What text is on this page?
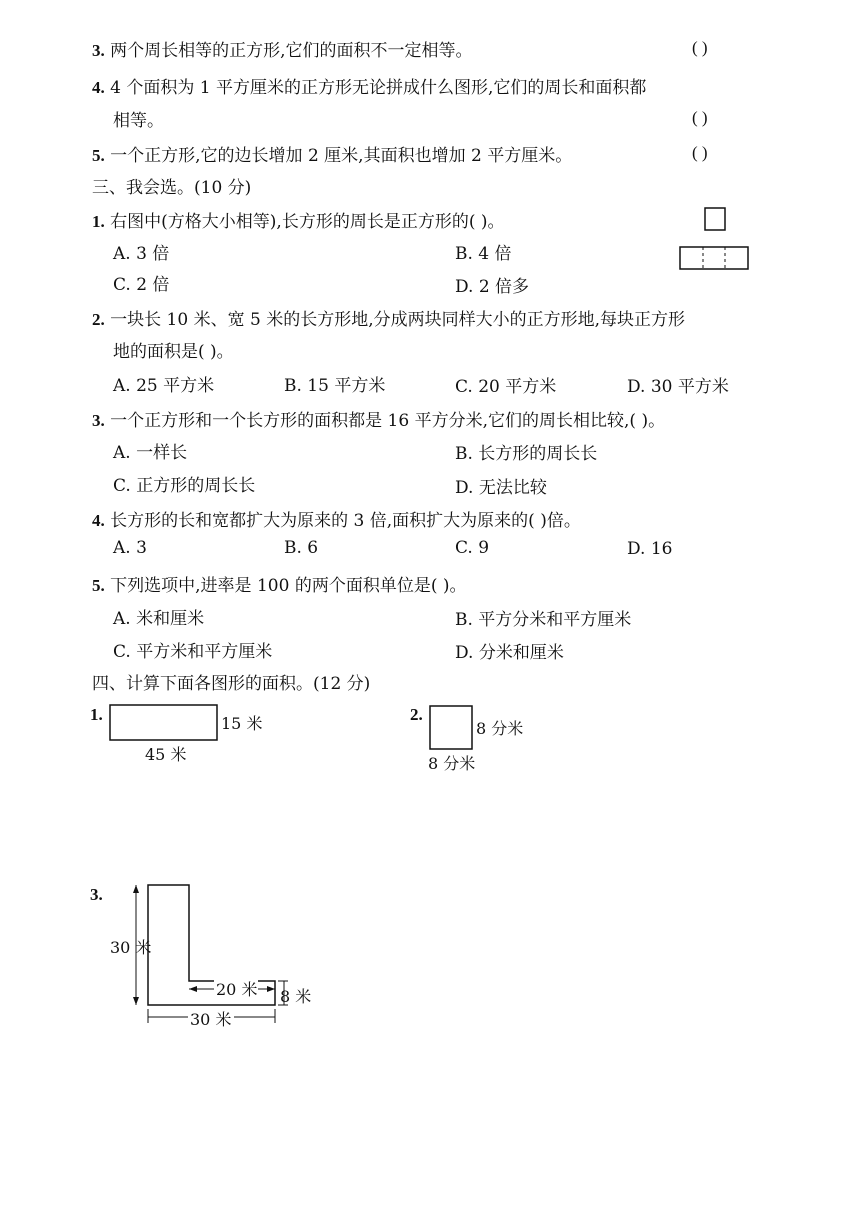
3. 两个周长相等的正方形,它们的面积不一定相等。	( )
4. 4 个面积为 1 平方厘米的正方形无论拼成什么图形,它们的周长和面积都
相等。	( )
5. 一个正方形,它的边长增加 2 厘米,其面积也增加 2 平方厘米。	( )
三、我会选。(10 分)
1. 右图中(方格大小相等),长方形的周长是正方形的( )。
A. 3 倍	B. 4 倍
C. 2 倍	D. 2 倍多
2. 一块长 10 米、宽 5 米的长方形地,分成两块同样大小的正方形地,每块正方形
地的面积是( )。
A. 25 平方米	B. 15 平方米	C. 20 平方米	D. 30 平方米
3. 一个正方形和一个长方形的面积都是 16 平方分米,它们的周长相比较,( )。
A. 一样长	B. 长方形的周长长
C. 正方形的周长长	D. 无法比较
4. 长方形的长和宽都扩大为原来的 3 倍,面积扩大为原来的( )倍。
A. 3	B. 6	C. 9	D. 16
5. 下列选项中,进率是 100 的两个面积单位是( )。
A. 米和厘米	B. 平方分米和平方厘米
C. 平方米和平方厘米	D. 分米和厘米
四、计算下面各图形的面积。(12 分)
1.	15 米
45 米
2.
8 分米
8 分米
3.
30 米
20 米 8 米
30 米
